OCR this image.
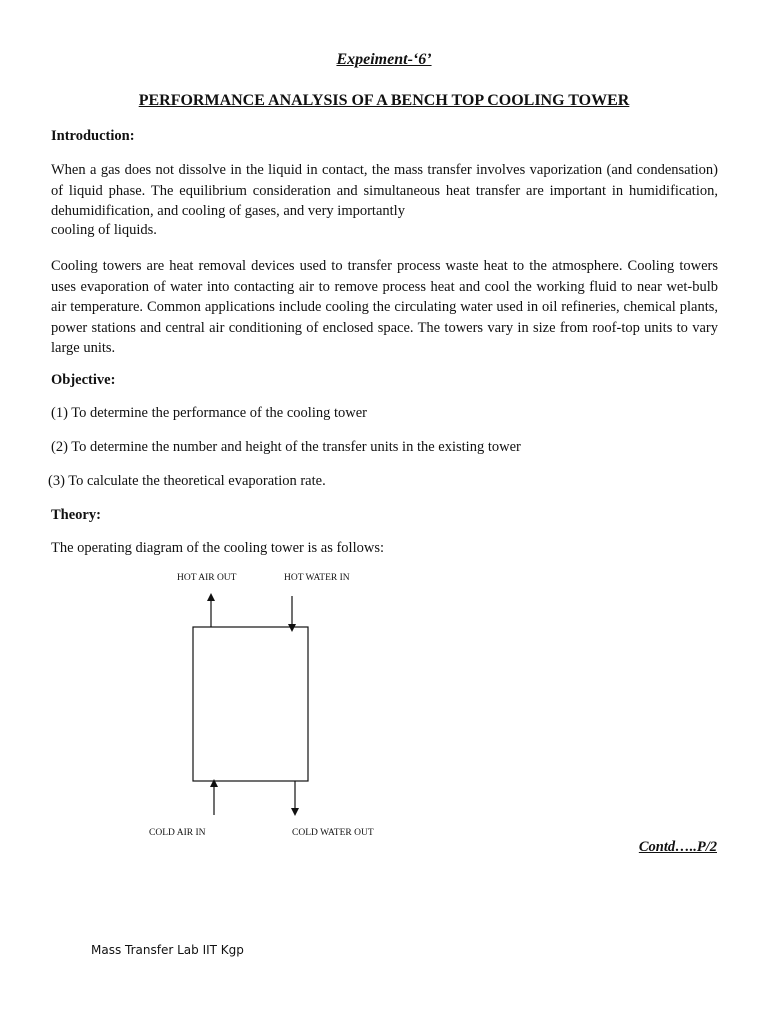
Expeiment-‘6’
PERFORMANCE ANALYSIS OF A BENCH TOP COOLING TOWER
Introduction:
When a gas does not dissolve in the liquid in contact, the mass transfer involves vaporization (and condensation) of liquid phase. The equilibrium consideration and simultaneous heat transfer are important in humidification, dehumidification, and cooling of gases, and very importantly
cooling of liquids.
Cooling towers are heat removal devices used to transfer process waste heat to the atmosphere. Cooling towers uses evaporation of water into contacting air to remove process heat and cool the working fluid to near wet-bulb air temperature. Common applications include cooling the circulating water used in oil refineries, chemical plants, power stations and central air conditioning of enclosed space. The towers vary in size from roof-top units to vary large units.
Objective:
(1) To determine the performance of the cooling tower
(2) To determine the number and height of the transfer units in the existing tower
(3) To calculate the theoretical evaporation rate.
Theory:
The operating diagram of the cooling tower is as follows:
HOT AIR OUT	HOT WATER IN
COLD AIR IN	COLD WATER OUT
Contd…..P/2
Mass Transfer Lab IIT Kgp
